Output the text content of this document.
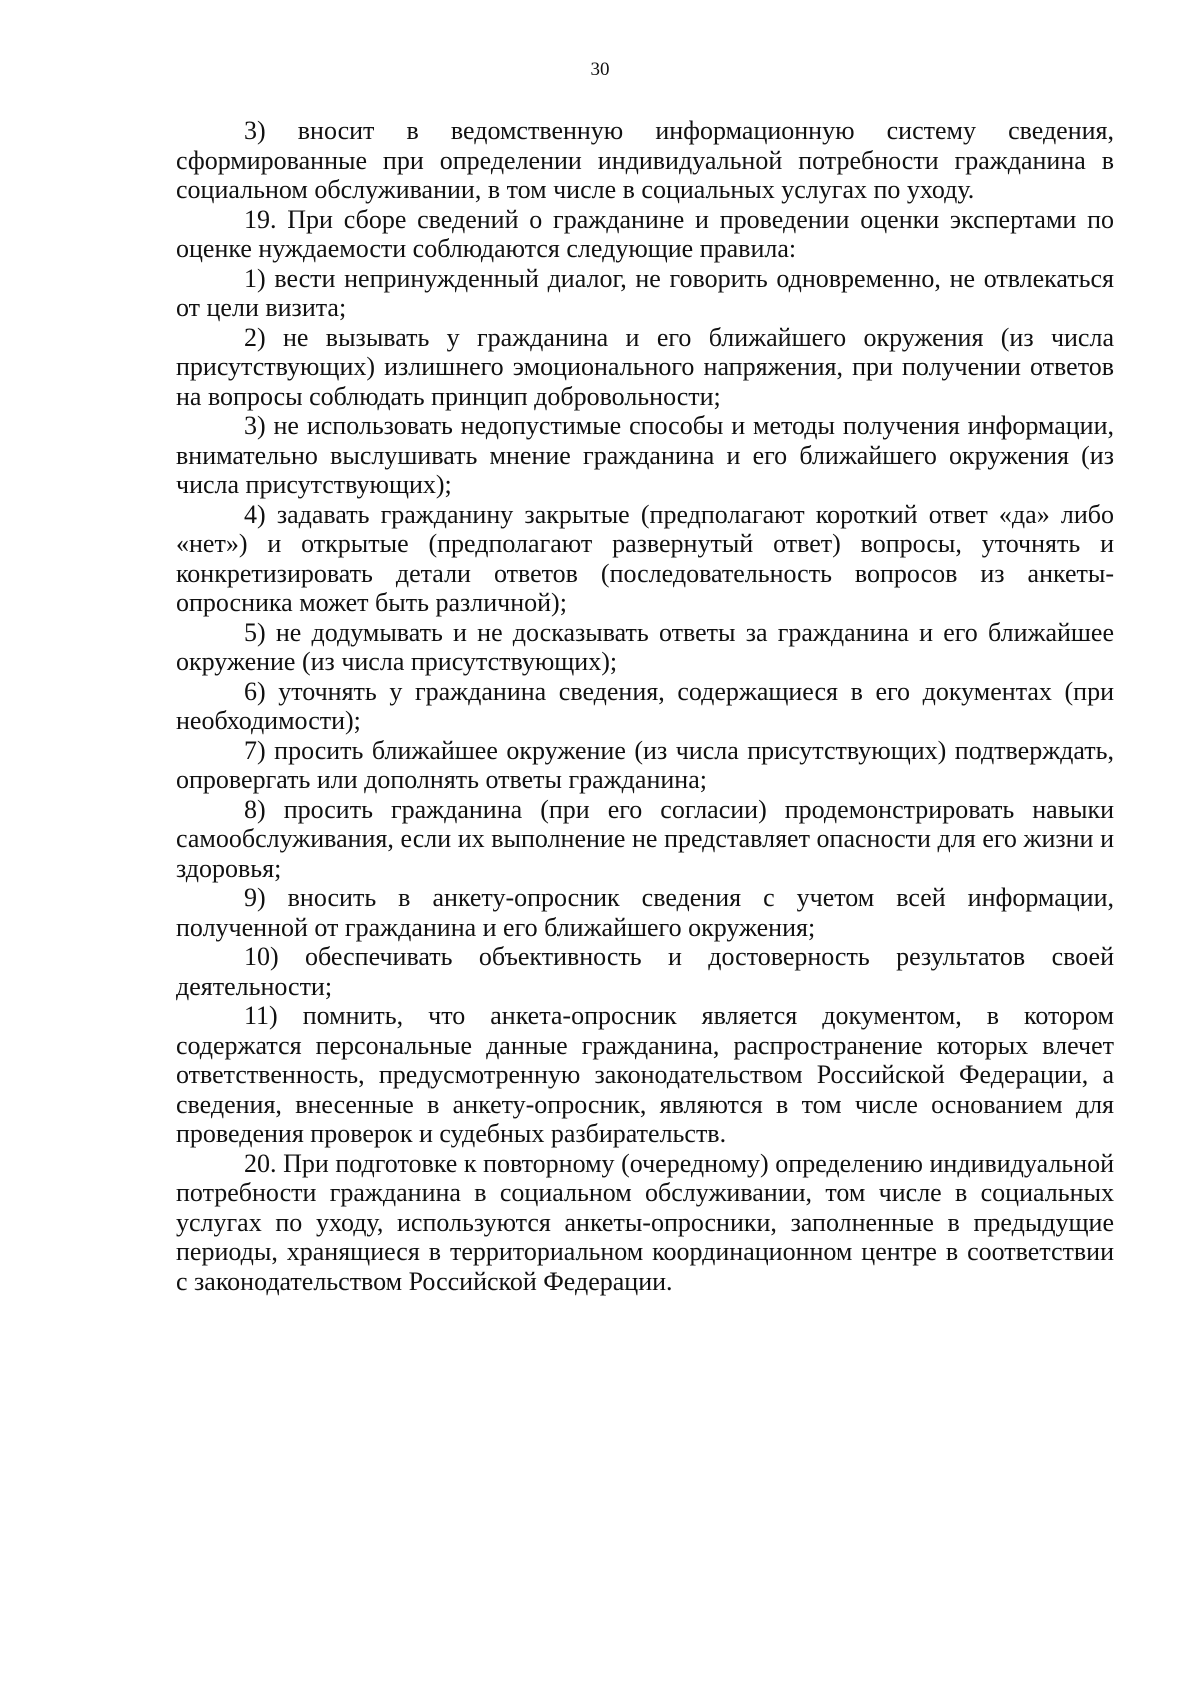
30

3) вносит в ведомственную информационную систему сведения, сформированные при определении индивидуальной потребности гражданина в социальном обслуживании, в том числе в социальных услугах по уходу.

19. При сборе сведений о гражданине и проведении оценки экспертами по оценке нуждаемости соблюдаются следующие правила:

1) вести непринужденный диалог, не говорить одновременно, не отвлекаться от цели визита;

2) не вызывать у гражданина и его ближайшего окружения (из числа присутствующих) излишнего эмоционального напряжения, при получении ответов на вопросы соблюдать принцип добровольности;

3) не использовать недопустимые способы и методы получения информации, внимательно выслушивать мнение гражданина и его ближайшего окружения (из числа присутствующих);

4) задавать гражданину закрытые (предполагают короткий ответ «да» либо «нет») и открытые (предполагают развернутый ответ) вопросы, уточнять и конкретизировать детали ответов (последовательность вопросов из анкеты-опросника может быть различной);

5) не додумывать и не досказывать ответы за гражданина и его ближайшее окружение (из числа присутствующих);

6) уточнять у гражданина сведения, содержащиеся в его документах (при необходимости);

7) просить ближайшее окружение (из числа присутствующих) подтверждать, опровергать или дополнять ответы гражданина;

8) просить гражданина (при его согласии) продемонстрировать навыки самообслуживания, если их выполнение не представляет опасности для его жизни и здоровья;

9) вносить в анкету-опросник сведения с учетом всей информации, полученной от гражданина и его ближайшего окружения;

10) обеспечивать объективность и достоверность результатов своей деятельности;

11) помнить, что анкета-опросник является документом, в котором содержатся персональные данные гражданина, распространение которых влечет ответственность, предусмотренную законодательством Российской Федерации, а сведения, внесенные в анкету-опросник, являются в том числе основанием для проведения проверок и судебных разбирательств.

20. При подготовке к повторному (очередному) определению индивидуальной потребности гражданина в социальном обслуживании, том числе в социальных услугах по уходу, используются анкеты-опросники, заполненные в предыдущие периоды, хранящиеся в территориальном координационном центре в соответствии с законодательством Российской Федерации.
